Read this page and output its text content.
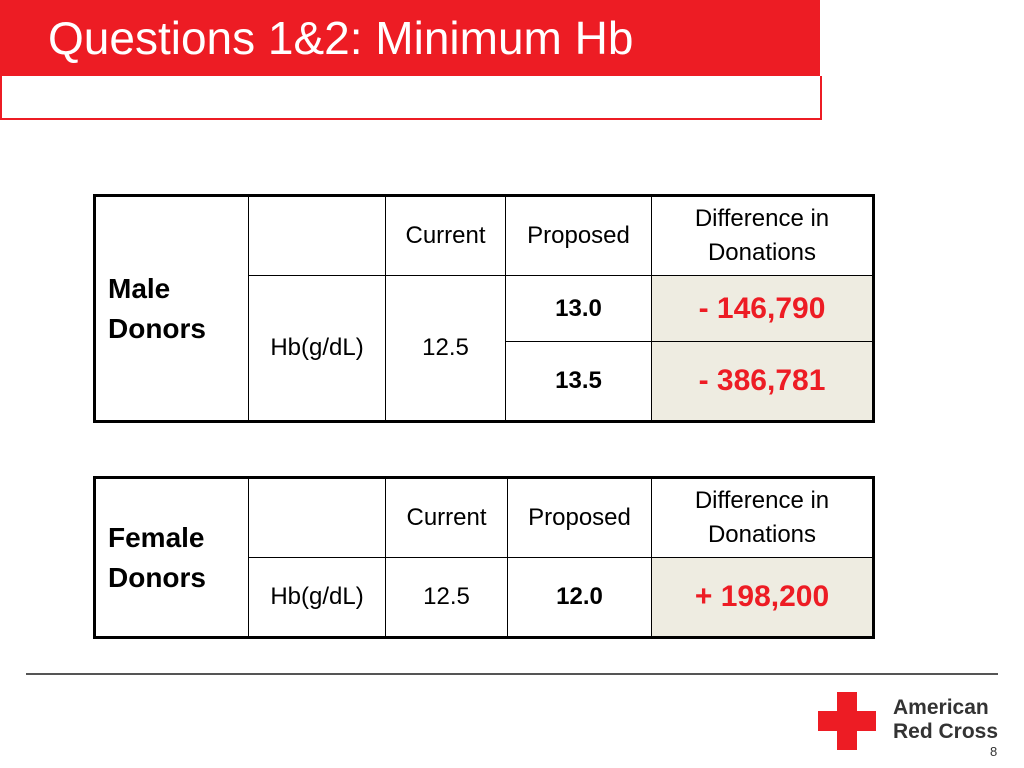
Questions 1&2: Minimum Hb
Male Donors		Current	Proposed	Difference in Donations
	Hb(g/dL)	12.5	13.0	- 146,790
			13.5	- 386,781
Female Donors		Current	Proposed	Difference in Donations
	Hb(g/dL)	12.5	12.0	+ 198,200
American
Red Cross
8
